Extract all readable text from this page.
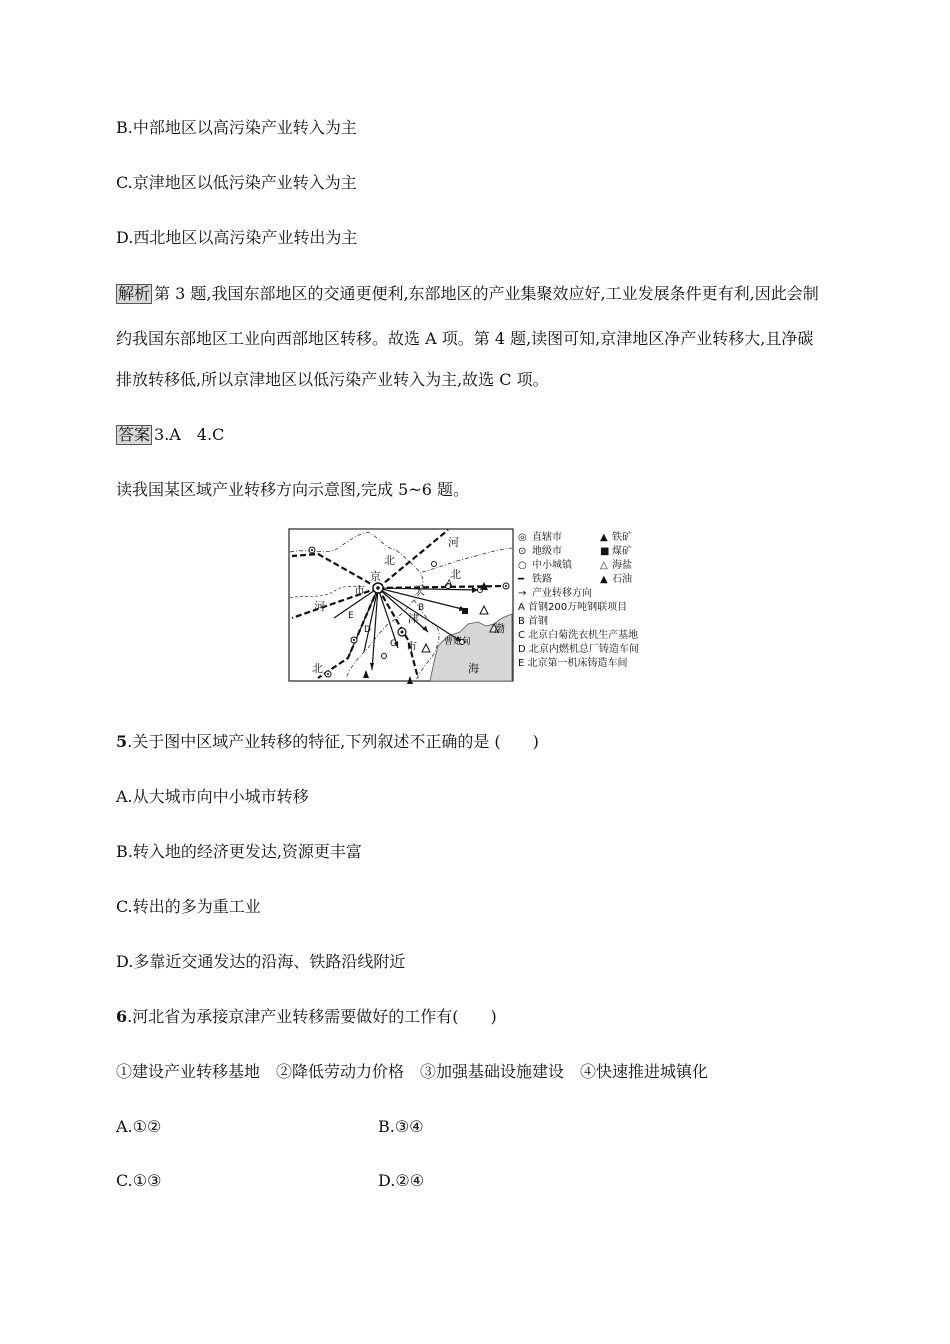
B.中部地区以高污染产业转入为主
C.京津地区以低污染产业转入为主
D.西北地区以高污染产业转出为主
解析 第 3 题,我国东部地区的交通更便利,东部地区的产业集聚效应好,工业发展条件更有利,因此会制
约我国东部地区工业向西部地区转移。故选 A 项。第 4 题,读图可知,京津地区净产业转移大,且净碳
排放转移低,所以京津地区以低污染产业转入为主,故选 C 项。
答案 3.A　4.C
读我国某区域产业转移方向示意图,完成 5~6 题。
河
北
北
京
市	天
津
市
河
北
渤
海
曹妃甸
A
B
C
D
E
◎ 直辖市	▲ 铁矿
⊙ 地级市	■ 煤矿
○ 中小城镇	△ 海盐
━ 铁路	▲ 石油
→ 产业转移方向
A 首钢200万吨钢联项目
B 首钢
C 北京白菊洗衣机生产基地
D 北京内燃机总厂铸造车间
E 北京第一机床铸造车间
5.关于图中区域产业转移的特征,下列叙述不正确的是 (　　)
A.从大城市向中小城市转移
B.转入地的经济更发达,资源更丰富
C.转出的多为重工业
D.多靠近交通发达的沿海、铁路沿线附近
6.河北省为承接京津产业转移需要做好的工作有(　　)
①建设产业转移基地　②降低劳动力价格　③加强基础设施建设　④快速推进城镇化
A.①②	B.③④
C.①③	D.②④
